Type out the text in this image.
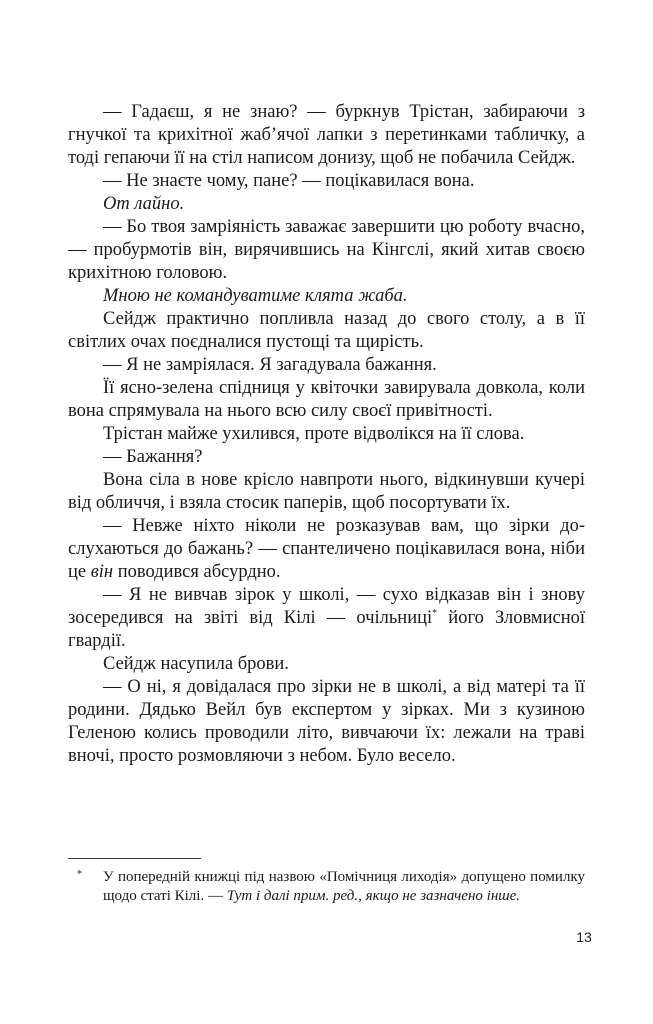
— Гадаєш, я не знаю? — буркнув Трістан, забираючи з гнучкої та крихітної жаб’ячої лапки з перетинками табличку, а тоді гепаючи її на стіл написом донизу, щоб не побачила Сейдж.

— Не знаєте чому, пане? — поцікавилася вона.

От лайно.

— Бо твоя замріяність заважає завершити цю роботу вчасно, — пробурмотів він, вирячившись на Кінгслі, який хитав своєю крихітною головою.

Мною не командуватиме клята жаба.

Сейдж практично попливла назад до свого столу, а в її світлих очах поєдналися пустощі та щирість.

— Я не замріялася. Я загадувала бажання.

Її ясно-зелена спідниця у квіточки завирувала довкола, коли вона спрямувала на нього всю силу своєї привітності.

Трістан майже ухилився, проте відволікся на її слова.

— Бажання?

Вона сіла в нове крісло навпроти нього, відкинувши кучері від обличчя, і взяла стосик паперів, щоб посортувати їх.

— Невже ніхто ніколи не розказував вам, що зірки дослухаються до бажань? — спантеличено поцікавилася вона, ніби це він поводився абсурдно.

— Я не вивчав зірок у школі, — сухо відказав він і знову зосередився на звіті від Кілі — очільниці* його Зловмисної гвардії.

Сейдж насупила брови.

— О ні, я довідалася про зірки не в школі, а від матері та її родини. Дядько Вейл був експертом у зірках. Ми з кузиною Геленою колись проводили літо, вивчаючи їх: лежали на траві вночі, просто розмовляючи з небом. Було весело.

* У попередній книжці під назвою «Помічниця лиходія» допущено помилку щодо статі Кілі. — Тут і далі прим. ред., якщо не зазначено інше.
13
